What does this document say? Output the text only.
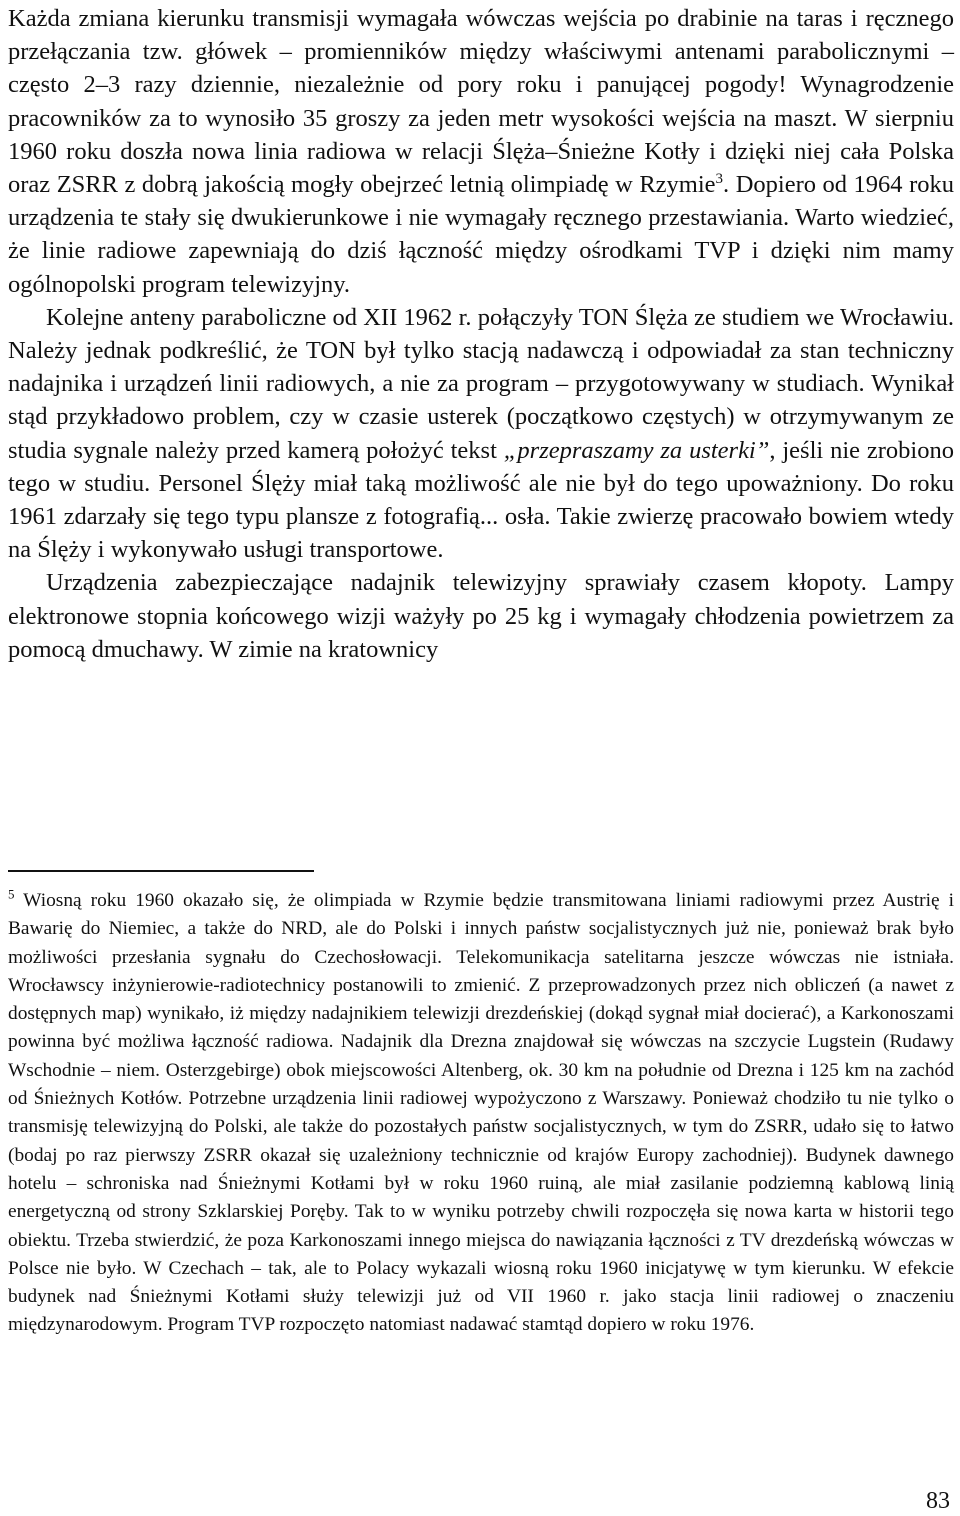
Każda zmiana kierunku transmisji wymagała wówczas wejścia po drabinie na taras i ręcznego przełączania tzw. główek – promienników między właściwymi antenami parabolicznymi – często 2–3 razy dziennie, niezależnie od pory roku i panującej pogody! Wynagrodzenie pracowników za to wynosiło 35 groszy za jeden metr wysokości wejścia na maszt. W sierpniu 1960 roku doszła nowa linia radiowa w relacji Ślęża–Śnieżne Kotły i dzięki niej cała Polska oraz ZSRR z dobrą jakością mogły obejrzeć letnią olimpiadę w Rzymie$^3$. Dopiero od 1964 roku urządzenia te stały się dwukierunkowe i nie wymagały ręcznego przestawiania. Warto wiedzieć, że linie radiowe zapewniają do dziś łączność między ośrodkami TVP i dzięki nim mamy ogólnopolski program telewizyjny.

Kolejne anteny paraboliczne od XII 1962 r. połączyły TON Ślęża ze studiem we Wrocławiu. Należy jednak podkreślić, że TON był tylko stacją nadawczą i odpowiadał za stan techniczny nadajnika i urządzeń linii radiowych, a nie za program – przygotowywany w studiach. Wynikał stąd przykładowo problem, czy w czasie usterek (początkowo częstych) w otrzymywanym ze studia sygnale należy przed kamerą położyć tekst „przepraszamy za usterki”, jeśli nie zrobiono tego w studiu. Personel Ślęży miał taką możliwość ale nie był do tego upoważniony. Do roku 1961 zdarzały się tego typu plansze z fotografią... osła. Takie zwierzę pracowało bowiem wtedy na Ślęży i wykonywało usługi transportowe.

Urządzenia zabezpieczające nadajnik telewizyjny sprawiały czasem kłopoty. Lampy elektronowe stopnia końcowego wizji ważyły po 25 kg i wymagały chłodzenia powietrzem za pomocą dmuchawy. W zimie na kratownicy

$^5$ Wiosną roku 1960 okazało się, że olimpiada w Rzymie będzie transmitowana liniami radiowymi przez Austrię i Bawarię do Niemiec, a także do NRD, ale do Polski i innych państw socjalistycznych już nie, ponieważ brak było możliwości przesłania sygnału do Czechosłowacji. Telekomunikacja satelitarna jeszcze wówczas nie istniała. Wrocławscy inżynierowie-radiotechnicy postanowili to zmienić. Z przeprowadzonych przez nich obliczeń (a nawet z dostępnych map) wynikało, iż między nadajnikiem telewizji drezdeńskiej (dokąd sygnał miał docierać), a Karkonoszami powinna być możliwa łączność radiowa. Nadajnik dla Drezna znajdował się wówczas na szczycie Lugstein (Rudawy Wschodnie – niem. Osterzgebirge) obok miejscowości Altenberg, ok. 30 km na południe od Drezna i 125 km na zachód od Śnieżnych Kotłów. Potrzebne urządzenia linii radiowej wypożyczono z Warszawy. Ponieważ chodziło tu nie tylko o transmisję telewizyjną do Polski, ale także do pozostałych państw socjalistycznych, w tym do ZSRR, udało się to łatwo (bodaj po raz pierwszy ZSRR okazał się uzależniony technicznie od krajów Europy zachodniej). Budynek dawnego hotelu – schroniska nad Śnieżnymi Kotłami był w roku 1960 ruiną, ale miał zasilanie podziemną kablową linią energetyczną od strony Szklarskiej Poręby. Tak to w wyniku potrzeby chwili rozpoczęła się nowa karta w historii tego obiektu. Trzeba stwierdzić, że poza Karkonoszami innego miejsca do nawiązania łączności z TV drezdeńską wówczas w Polsce nie było. W Czechach – tak, ale to Polacy wykazali wiosną roku 1960 inicjatywę w tym kierunku. W efekcie budynek nad Śnieżnymi Kotłami służy telewizji już od VII 1960 r. jako stacja linii radiowej o znaczeniu międzynarodowym. Program TVP rozpoczęto natomiast nadawać stamtąd dopiero w roku 1976.

83
